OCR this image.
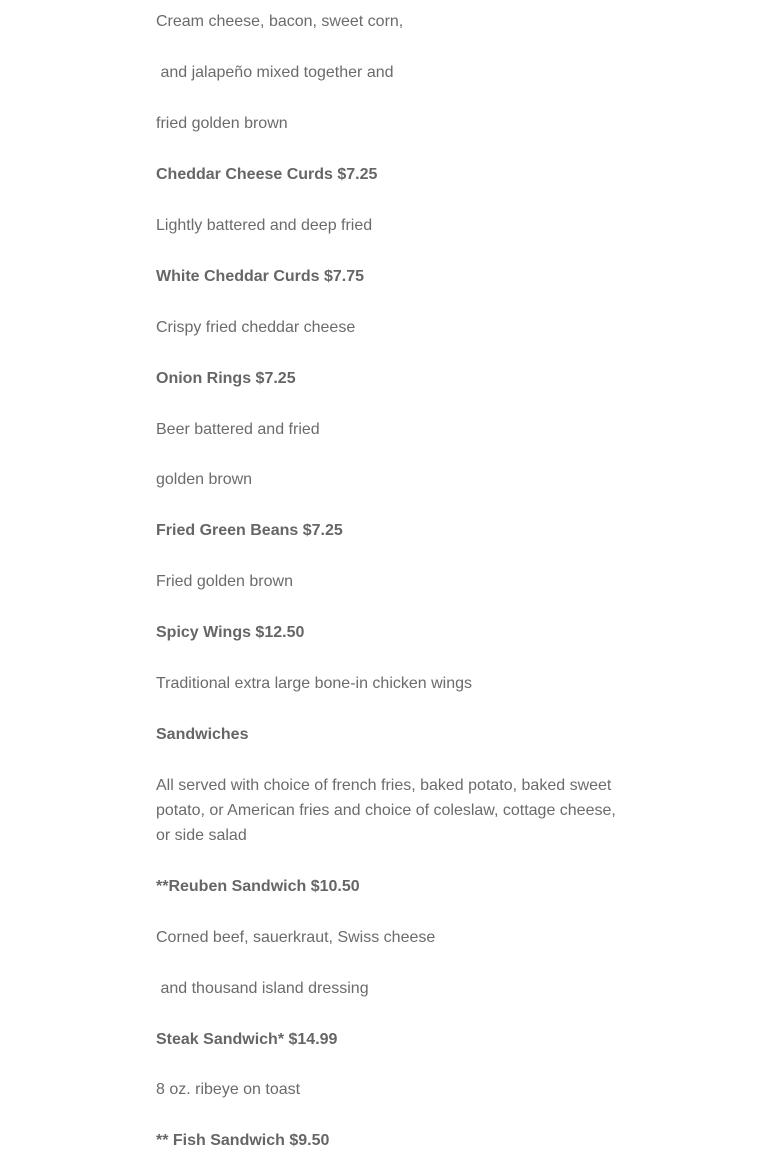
Cream cheese, bacon, sweet corn,

and jalapeño mixed together and

fried golden brown

Cheddar Cheese Curds $7.25

Lightly battered and deep fried

White Cheddar Curds $7.75

Crispy fried cheddar cheese

Onion Rings $7.25

Beer battered and fried

golden brown

Fried Green Beans $7.25

Fried golden brown

Spicy Wings $12.50

Traditional extra large bone-in chicken wings

Sandwiches

All served with choice of french fries, baked potato, baked sweet potato, or American fries and choice of coleslaw, cottage cheese, or side salad

**Reuben Sandwich $10.50

Corned beef, sauerkraut, Swiss cheese

and thousand island dressing

Steak Sandwich* $14.99

8 oz. ribeye on toast

** Fish Sandwich $9.50
